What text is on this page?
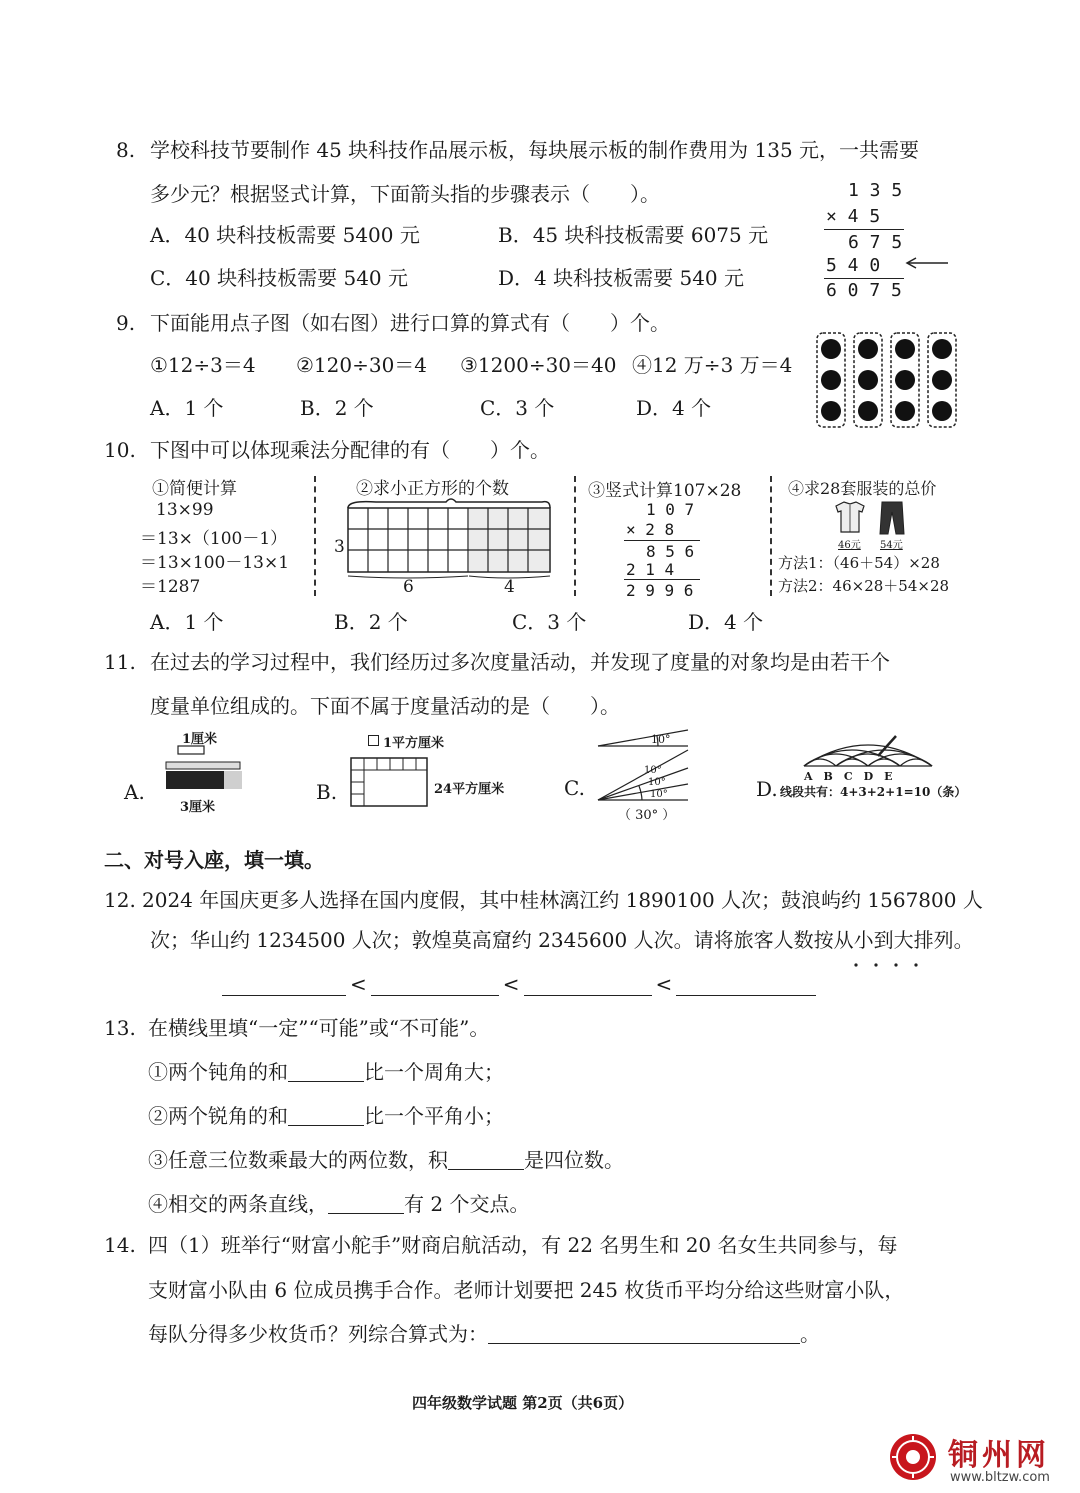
8. 学校科技节要制作 45 块科技作品展示板，每块展示板的制作费用为 135 元，一共需要
多少元？根据竖式计算，下面箭头指的步骤表示（　　）。
A．40 块科技板需要 5400 元	B．45 块科技板需要 6075 元
C．40 块科技板需要 540 元	D．4 块科技板需要 540 元
1 3 5
× 4 5
6 7 5
5 4 0
6 0 7 5
9. 下面能用点子图（如右图）进行口算的算式有（　　）个。
①12÷3＝4 ②120÷30＝4 ③1200÷30＝40 ④12 万÷3 万＝4
A．1 个	B．2 个	C．3 个	D．4 个
10. 下图中可以体现乘法分配律的有（　　）个。
①简便计算
13×99
＝13×（100－1）
＝13×100－13×1
＝1287
②求小正方形的个数
3
6	4
③竖式计算107×28
1 0 7
× 2 8
8 5 6
2 1 4
2 9 9 6
④求28套服装的总价
46元 54元
方法1：（46＋54）×28
方法2：46×28＋54×28
A．1 个	B．2 个	C．3 个	D．4 个
11. 在过去的学习过程中，我们经历过多次度量活动，并发现了度量的对象均是由若干个
度量单位组成的。下面不属于度量活动的是（　　）。
A.
1厘米
3厘米
B.
1平方厘米
24平方厘米	C.
10°
10°
10°
10°
（ 30° ）
D.
A　B　C　D　E
线段共有：4+3+2+1=10（条）
二、对号入座，填一填。
12. 2024 年国庆更多人选择在国内度假，其中桂林漓江约 1890100 人次；鼓浪屿约 1567800 人
次；华山约 1234500 人次；敦煌莫高窟约 2345600 人次。请将旅客人数按从小到大排列。
<	<	<
13. 在横线里填“一定”“可能”或“不可能”。
①两个钝角的和	比一个周角大；
②两个锐角的和	比一个平角小；
③任意三位数乘最大的两位数，积	是四位数。
④相交的两条直线，	有 2 个交点。
14. 四（1）班举行“财富小舵手”财商启航活动，有 22 名男生和 20 名女生共同参与，每
支财富小队由 6 位成员携手合作。老师计划要把 245 枚货币平均分给这些财富小队，
每队分得多少枚货币？列综合算式为：	。
四年级数学试题 第2页（共6页）
铜州网
www.bltzw.com
